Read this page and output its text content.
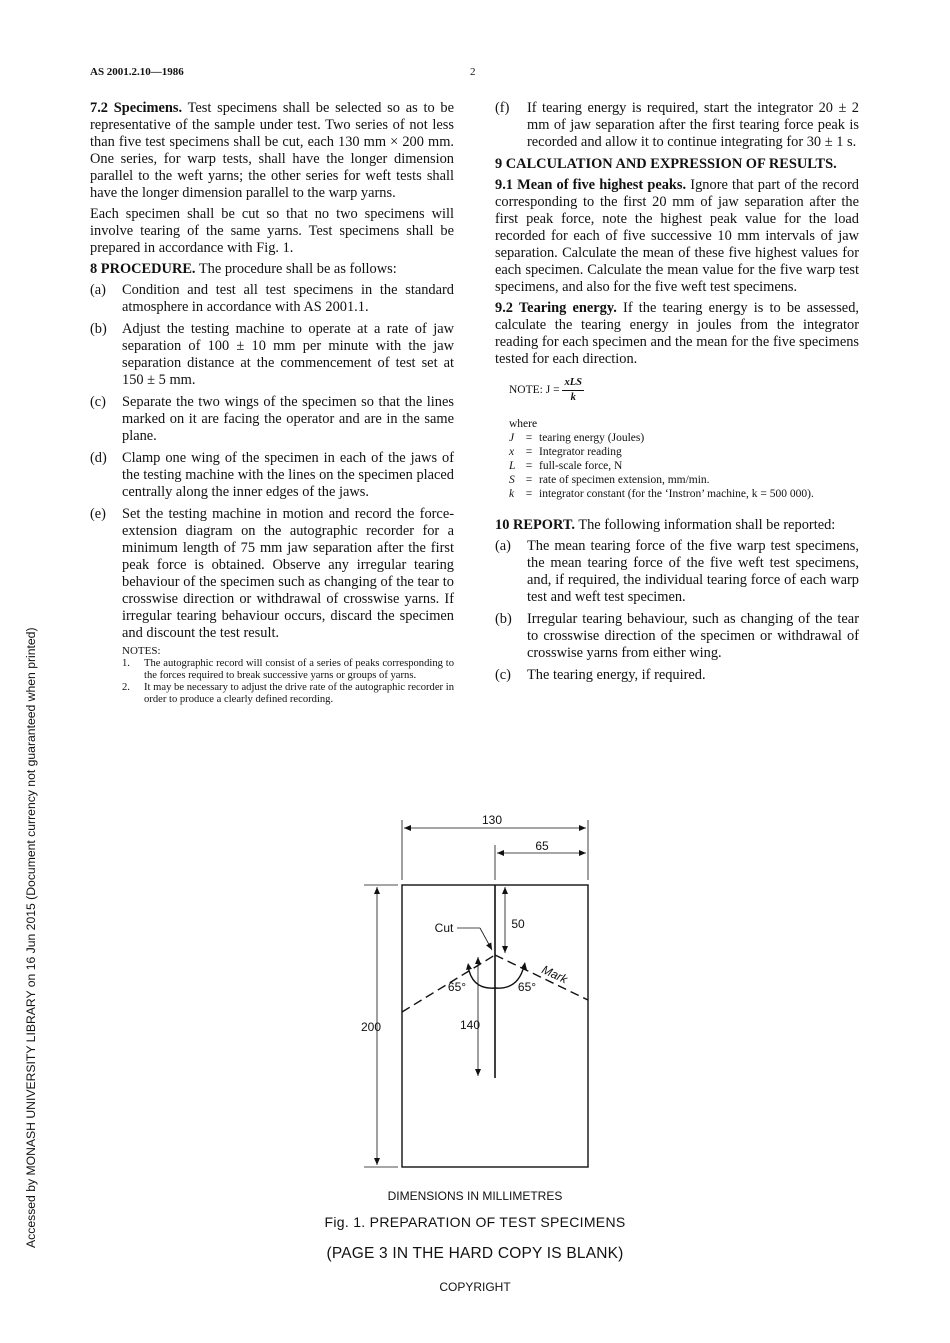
AS 2001.2.10—1986	2
Accessed by MONASH UNIVERSITY LIBRARY on 16 Jun 2015 (Document currency not guaranteed when printed)
7.2 Specimens. Test specimens shall be selected so as to be representative of the sample under test. Two series of not less than five test specimens shall be cut, each 130 mm × 200 mm. One series, for warp tests, shall have the longer dimension parallel to the weft yarns; the other series for weft tests shall have the longer dimension parallel to the warp yarns.
Each specimen shall be cut so that no two specimens will involve tearing of the same yarns. Test specimens shall be prepared in accordance with Fig. 1.
8 PROCEDURE. The procedure shall be as follows:
(a)	Condition and test all test specimens in the standard atmosphere in accordance with AS 2001.1.
(b)	Adjust the testing machine to operate at a rate of jaw separation of 100 ± 10 mm per minute with the jaw separation distance at the commencement of test set at 150 ± 5 mm.
(c)	Separate the two wings of the specimen so that the lines marked on it are facing the operator and are in the same plane.
(d)	Clamp one wing of the specimen in each of the jaws of the testing machine with the lines on the specimen placed centrally along the inner edges of the jaws.
(e)	Set the testing machine in motion and record the force-extension diagram on the autographic recorder for a minimum length of 75 mm jaw separation after the first peak force is obtained. Observe any irregular tearing behaviour of the specimen such as changing of the tear to crosswise direction or withdrawal of crosswise yarns. If irregular tearing behaviour occurs, discard the specimen and discount the test result.
NOTES:
1.	The autographic record will consist of a series of peaks corresponding to the forces required to break successive yarns or groups of yarns.
2.	It may be necessary to adjust the drive rate of the autographic recorder in order to produce a clearly defined recording.
(f)	If tearing energy is required, start the integrator 20 ± 2 mm of jaw separation after the first tearing force peak is recorded and allow it to continue integrating for 30 ± 1 s.
9 CALCULATION AND EXPRESSION OF RESULTS.
9.1 Mean of five highest peaks. Ignore that part of the record corresponding to the first 20 mm of jaw separation after the first peak force, note the highest peak value for the load recorded for each of five successive 10 mm intervals of jaw separation. Calculate the mean of these five highest values for each specimen. Calculate the mean value for the five warp test specimens, and also for the five weft test specimens.
9.2 Tearing energy. If the tearing energy is to be assessed, calculate the tearing energy in joules from the integrator reading for each specimen and the mean for the five specimens tested for each direction.
NOTE: $J = \frac{\text{xLS}}{k}$
where
J	= tearing energy (Joules)
x	= Integrator reading
L = full-scale force, N
S = rate of specimen extension, mm/min.
k	= integrator constant (for the ‘Instron’ machine, k = 500 000).
10 REPORT. The following information shall be reported:
(a)	The mean tearing force of the five warp test specimens, the mean tearing force of the five weft test specimens, and, if required, the individual tearing force of each warp test and weft test specimen.
(b)	Irregular tearing behaviour, such as changing of the tear to crosswise direction of the specimen or withdrawal of crosswise yarns from either wing.
(c)	The tearing energy, if required.
130
65
200
50
140
Cut
Mark
65°	65°
DIMENSIONS IN MILLIMETRES
Fig. 1. PREPARATION OF TEST SPECIMENS
(PAGE 3 IN THE HARD COPY IS BLANK)
COPYRIGHT
